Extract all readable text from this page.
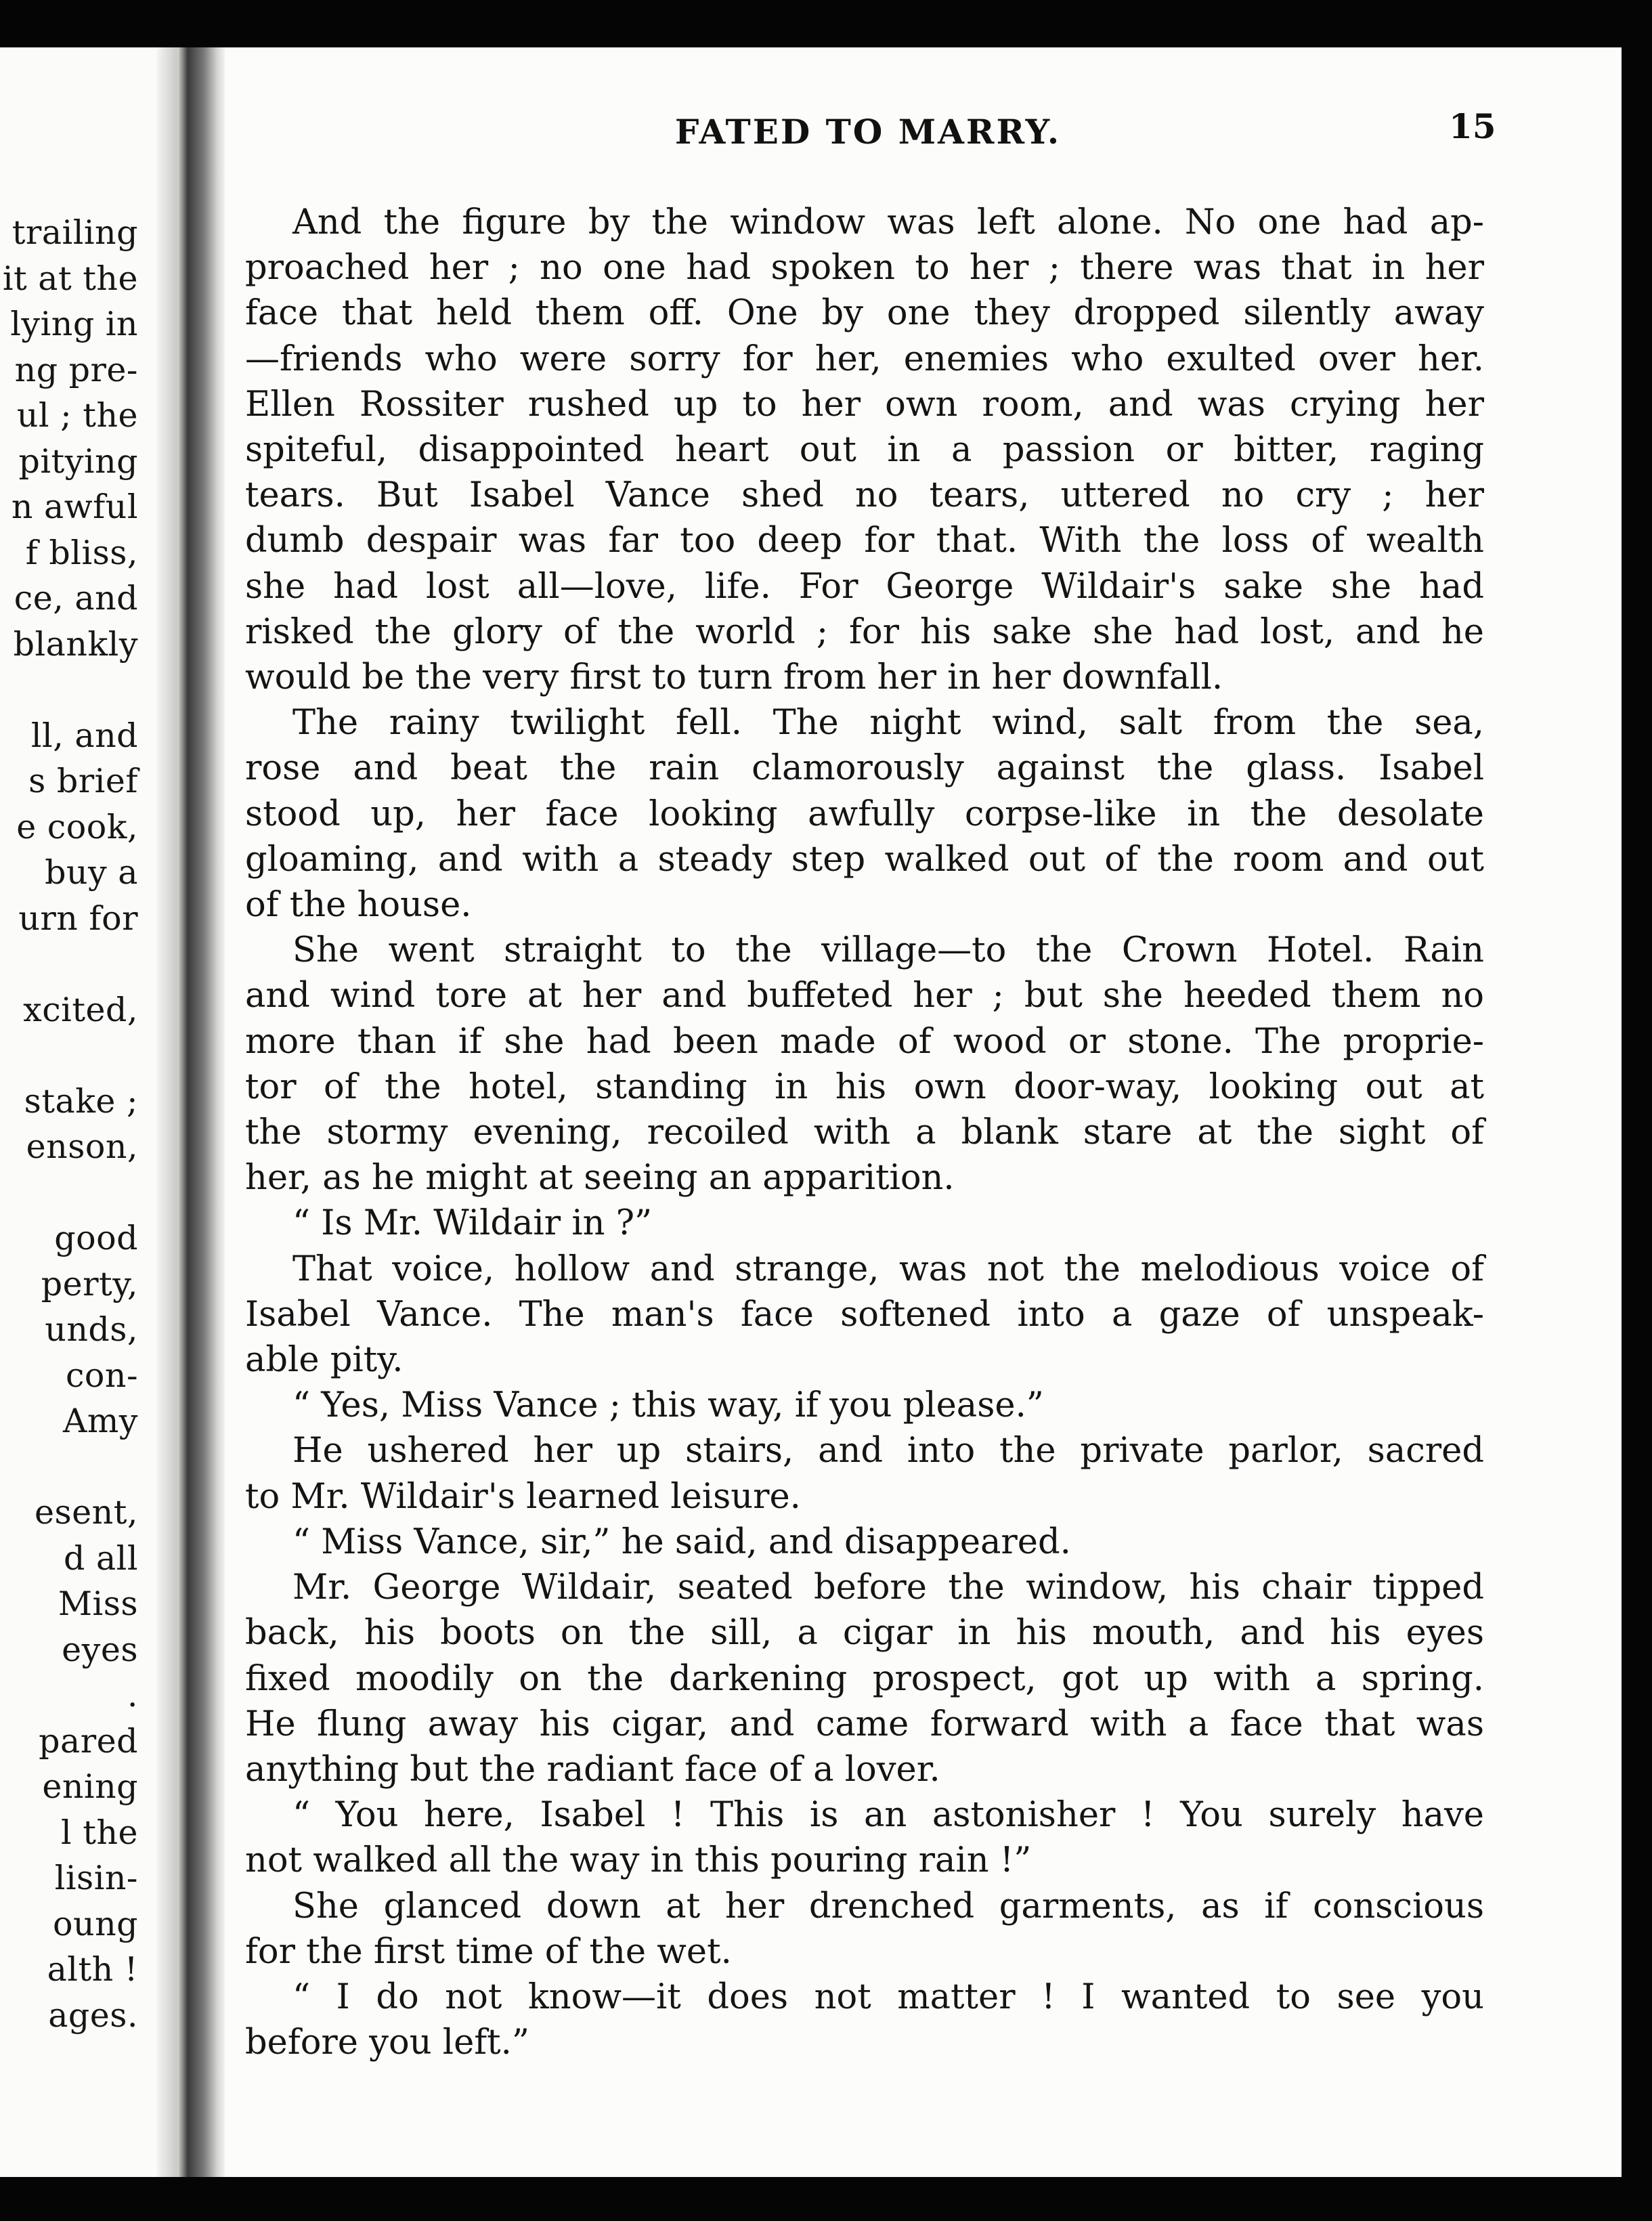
trailing
it at the
lying in
ng pre-
ul ; the
pitying
n awful
f bliss,
ce, and
blankly

ll, and
s brief
e cook,
buy a
urn for

xcited,

stake ;
enson,

good
perty,
unds,
con-
Amy

esent,
d all
Miss
eyes
.
pared
ening
l the
lisin-
oung
alth !
ages.
FATED TO MARRY.	15

And the figure by the window was left alone. No one had ap-
proached her ; no one had spoken to her ; there was that in her
face that held them off. One by one they dropped silently away
—friends who were sorry for her, enemies who exulted over her.
Ellen Rossiter rushed up to her own room, and was crying her
spiteful, disappointed heart out in a passion or bitter, raging
tears. But Isabel Vance shed no tears, uttered no cry ; her
dumb despair was far too deep for that. With the loss of wealth
she had lost all—love, life. For George Wildair's sake she had
risked the glory of the world ; for his sake she had lost, and he
would be the very first to turn from her in her downfall.

The rainy twilight fell. The night wind, salt from the sea,
rose and beat the rain clamorously against the glass. Isabel
stood up, her face looking awfully corpse-like in the desolate
gloaming, and with a steady step walked out of the room and out
of the house.

She went straight to the village—to the Crown Hotel. Rain
and wind tore at her and buffeted her ; but she heeded them no
more than if she had been made of wood or stone. The proprie-
tor of the hotel, standing in his own door-way, looking out at
the stormy evening, recoiled with a blank stare at the sight of
her, as he might at seeing an apparition.

“ Is Mr. Wildair in ?”

That voice, hollow and strange, was not the melodious voice of
Isabel Vance. The man's face softened into a gaze of unspeak-
able pity.

“ Yes, Miss Vance ; this way, if you please.”

He ushered her up stairs, and into the private parlor, sacred
to Mr. Wildair's learned leisure.

“ Miss Vance, sir,” he said, and disappeared.

Mr. George Wildair, seated before the window, his chair tipped
back, his boots on the sill, a cigar in his mouth, and his eyes
fixed moodily on the darkening prospect, got up with a spring.
He flung away his cigar, and came forward with a face that was
anything but the radiant face of a lover.

“ You here, Isabel ! This is an astonisher ! You surely have
not walked all the way in this pouring rain !”

She glanced down at her drenched garments, as if conscious
for the first time of the wet.

“ I do not know—it does not matter ! I wanted to see you
before you left.”
